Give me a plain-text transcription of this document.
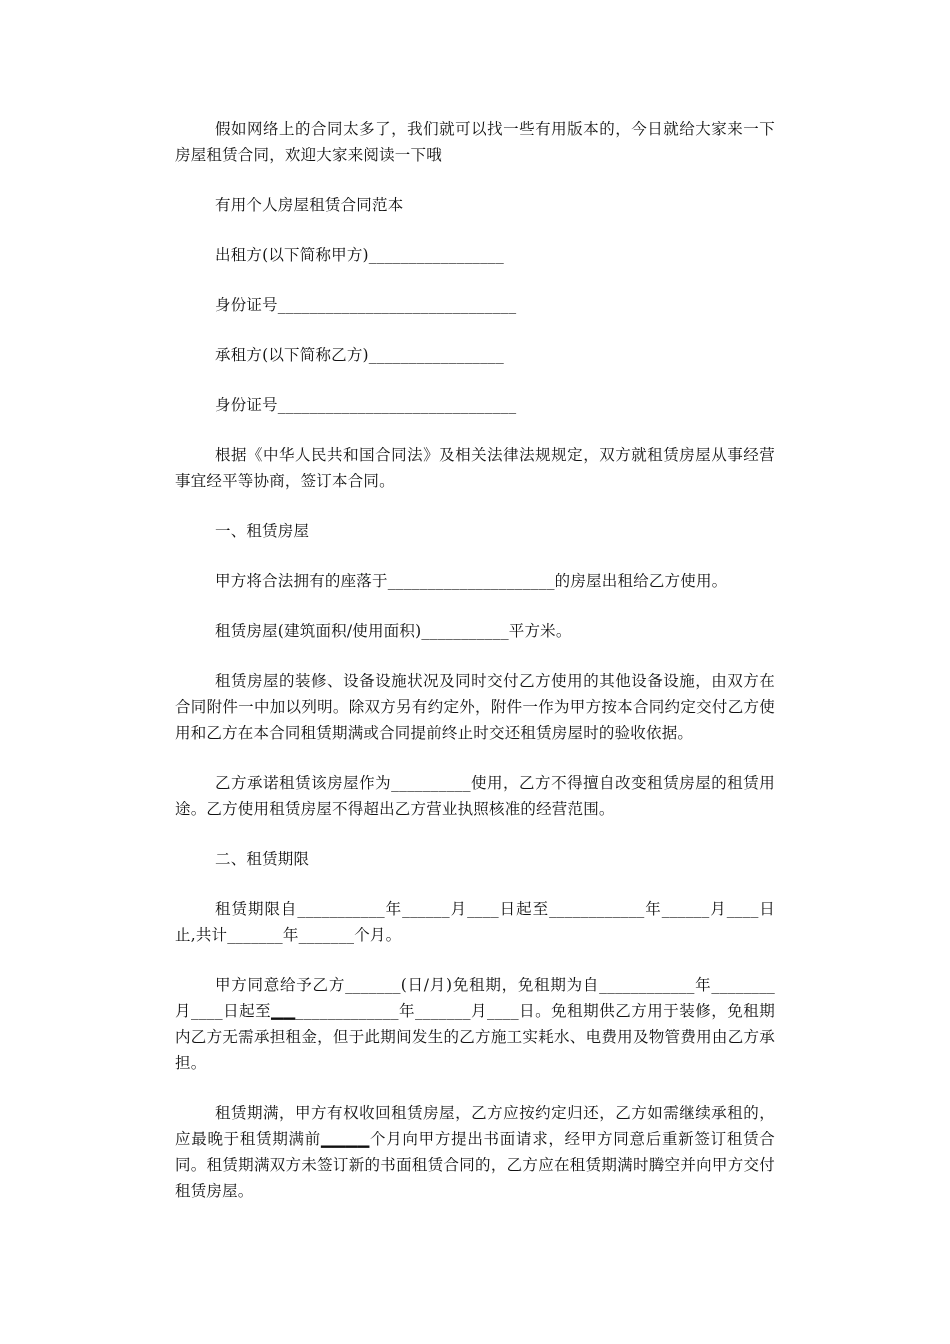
假如网络上的合同太多了，我们就可以找一些有用版本的，今日就给大家来一下房屋租赁合同，欢迎大家来阅读一下哦

有用个人房屋租赁合同范本

出租方(以下简称甲方)_________________

身份证号______________________________

承租方(以下简称乙方)_________________

身份证号______________________________

根据《中华人民共和国合同法》及相关法律法规规定，双方就租赁房屋从事经营事宜经平等协商，签订本合同。

一、租赁房屋

甲方将合法拥有的座落于_____________________的房屋出租给乙方使用。

租赁房屋(建筑面积/使用面积)___________平方米。

租赁房屋的装修、设备设施状况及同时交付乙方使用的其他设备设施，由双方在合同附件一中加以列明。除双方另有约定外，附件一作为甲方按本合同约定交付乙方使用和乙方在本合同租赁期满或合同提前终止时交还租赁房屋时的验收依据。

乙方承诺租赁该房屋作为__________使用，乙方不得擅自改变租赁房屋的租赁用途。乙方使用租赁房屋不得超出乙方营业执照核准的经营范围。

二、租赁期限

租赁期限自___________年______月____日起至____________年______月____日止,共计_______年_______个月。

甲方同意给予乙方_______(日/月)免租期，免租期为自____________年________月____日起至▁▁_____________年_______月____日。免租期供乙方用于装修，免租期内乙方无需承担租金，但于此期间发生的乙方施工实耗水、电费用及物管费用由乙方承担。

租赁期满，甲方有权收回租赁房屋，乙方应按约定归还，乙方如需继续承租的，应最晚于租赁期满前▁▁▁▁个月向甲方提出书面请求，经甲方同意后重新签订租赁合同。租赁期满双方未签订新的书面租赁合同的，乙方应在租赁期满时腾空并向甲方交付租赁房屋。
